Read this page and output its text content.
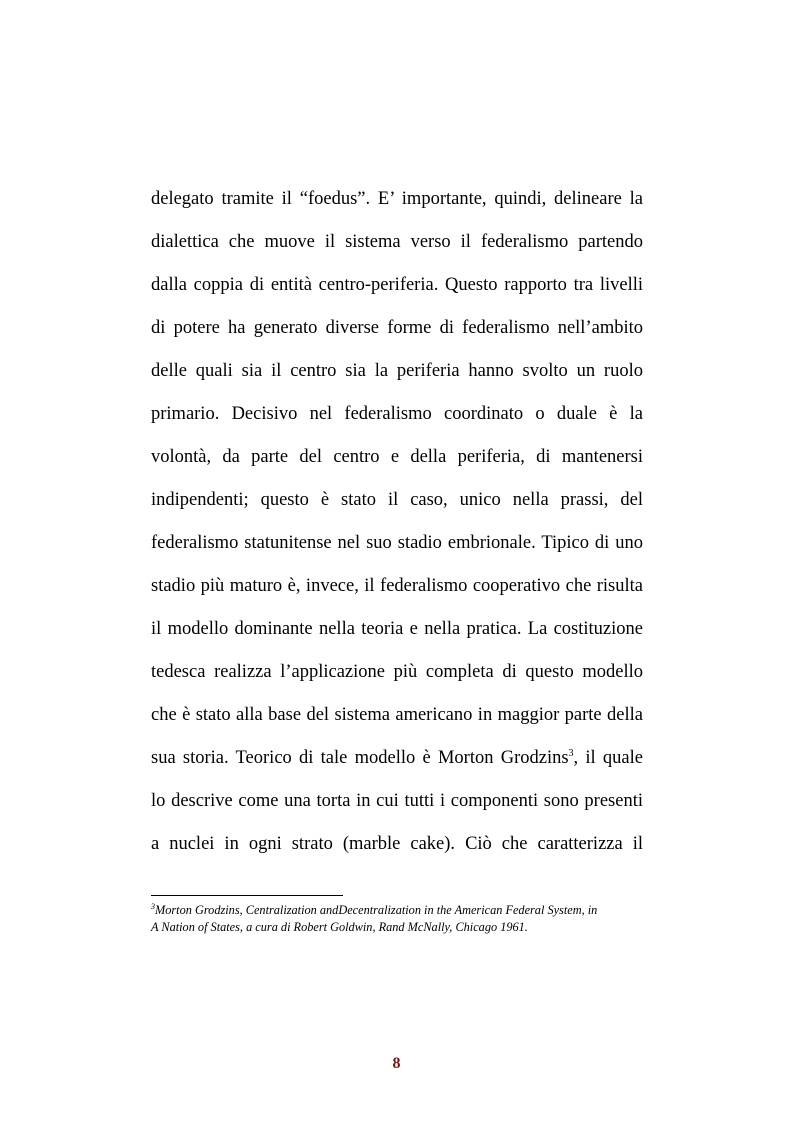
delegato tramite il “foedus”. E’ importante, quindi, delineare la
dialettica che muove il sistema verso il federalismo partendo
dalla coppia di entità centro-periferia. Questo rapporto tra livelli
di potere ha generato diverse forme di federalismo nell’ambito
delle quali sia il centro sia la periferia hanno svolto un ruolo
primario. Decisivo nel federalismo coordinato o duale è la
volontà, da parte del centro e della periferia, di mantenersi
indipendenti; questo è stato il caso, unico nella prassi, del
federalismo statunitense nel suo stadio embrionale. Tipico di uno
stadio più maturo è, invece, il federalismo cooperativo che risulta
il modello dominante nella teoria e nella pratica. La costituzione
tedesca realizza l’applicazione più completa di questo modello
che è stato alla base del sistema americano in maggior parte della
sua storia. Teorico di tale modello è Morton Grodzins$^3$, il quale
lo descrive come una torta in cui tutti i componenti sono presenti
a nuclei in ogni strato (marble cake). Ciò che caratterizza il
$^3$Morton Grodzins, Centralization andDecentralization in the American Federal System, in
A Nation of States, a cura di Robert Goldwin, Rand McNally, Chicago 1961.
8
